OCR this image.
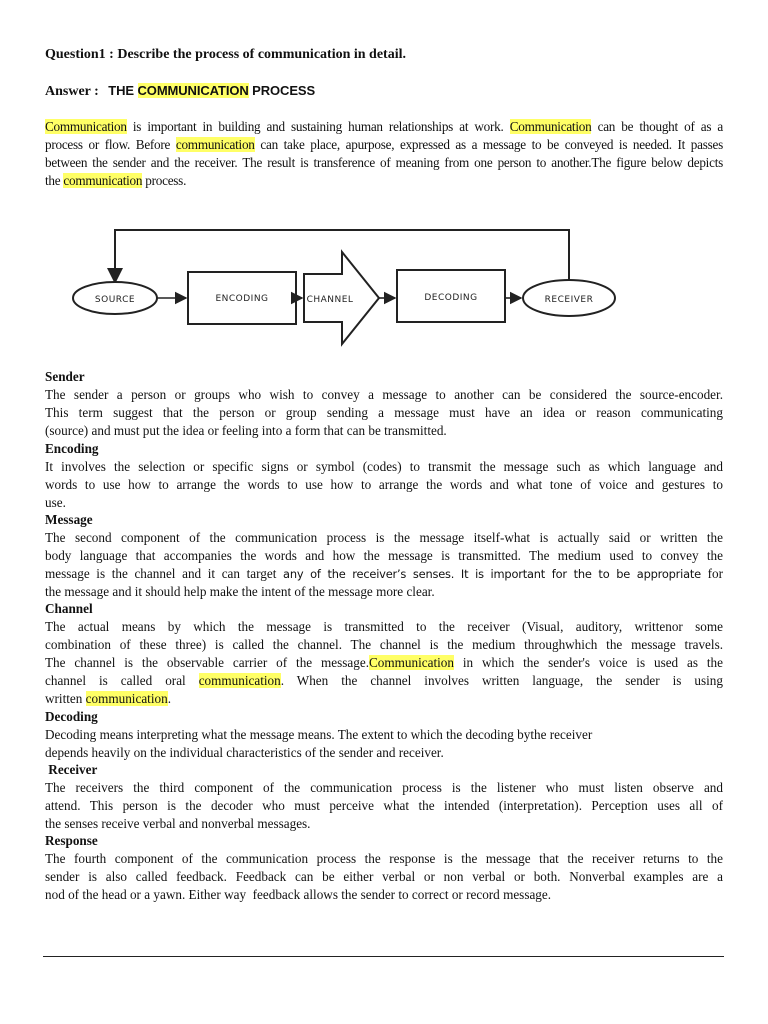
Question1 : Describe the process of communication in detail.
Answer : THE COMMUNICATION PROCESS
Communication is important in building and sustaining human relationships at work. Communication can be thought of as a
process or flow. Before communication can take place, apurpose, expressed as a message to be conveyed is needed. It passes
between the sender and the receiver. The result is transference of meaning from one person to another.The figure below depicts
the communication process.
SOURCE	ENCODING	CHANNEL	DECODING	RECEIVER
Sender

The sender a person or groups who wish to convey a message to another can be considered the source-encoder.
This term suggest that the person or group sending a message must have an idea or reason communicating
(source) and must put the idea or feeling into a form that can be transmitted.

Encoding

It involves the selection or specific signs or symbol (codes) to transmit the message such as which language and
words to use how to arrange the words to use how to arrange the words and what tone of voice and gestures to
use.

Message

The second component of the communication process is the message itself-what is actually said or written the
body language that accompanies the words and how the message is transmitted. The medium used to convey the
message is the channel and it can target any of the receiver’s senses. It is important for the to be appropriate for
the message and it should help make the intent of the message more clear.

Channel

The actual means by which the message is transmitted to the receiver (Visual, auditory, writtenor some
combination of these three) is called the channel. The channel is the medium throughwhich the message travels.
The channel is the observable carrier of the message.Communication in which the sender's voice is used as the
channel is called oral communication. When the channel involves written language, the sender is using
written communication.

Decoding

Decoding means interpreting what the message means. The extent to which the decoding bythe receiver
depends heavily on the individual characteristics of the sender and receiver.

Receiver

The receivers the third component of the communication process is the listener who must listen observe and
attend. This person is the decoder who must perceive what the intended (interpretation). Perception uses all of
the senses receive verbal and nonverbal messages.

Response

The fourth component of the communication process the response is the message that the receiver returns to the
sender is also called feedback. Feedback can be either verbal or non verbal or both. Nonverbal examples are a
nod of the head or a yawn. Either way  feedback allows the sender to correct or record message.
